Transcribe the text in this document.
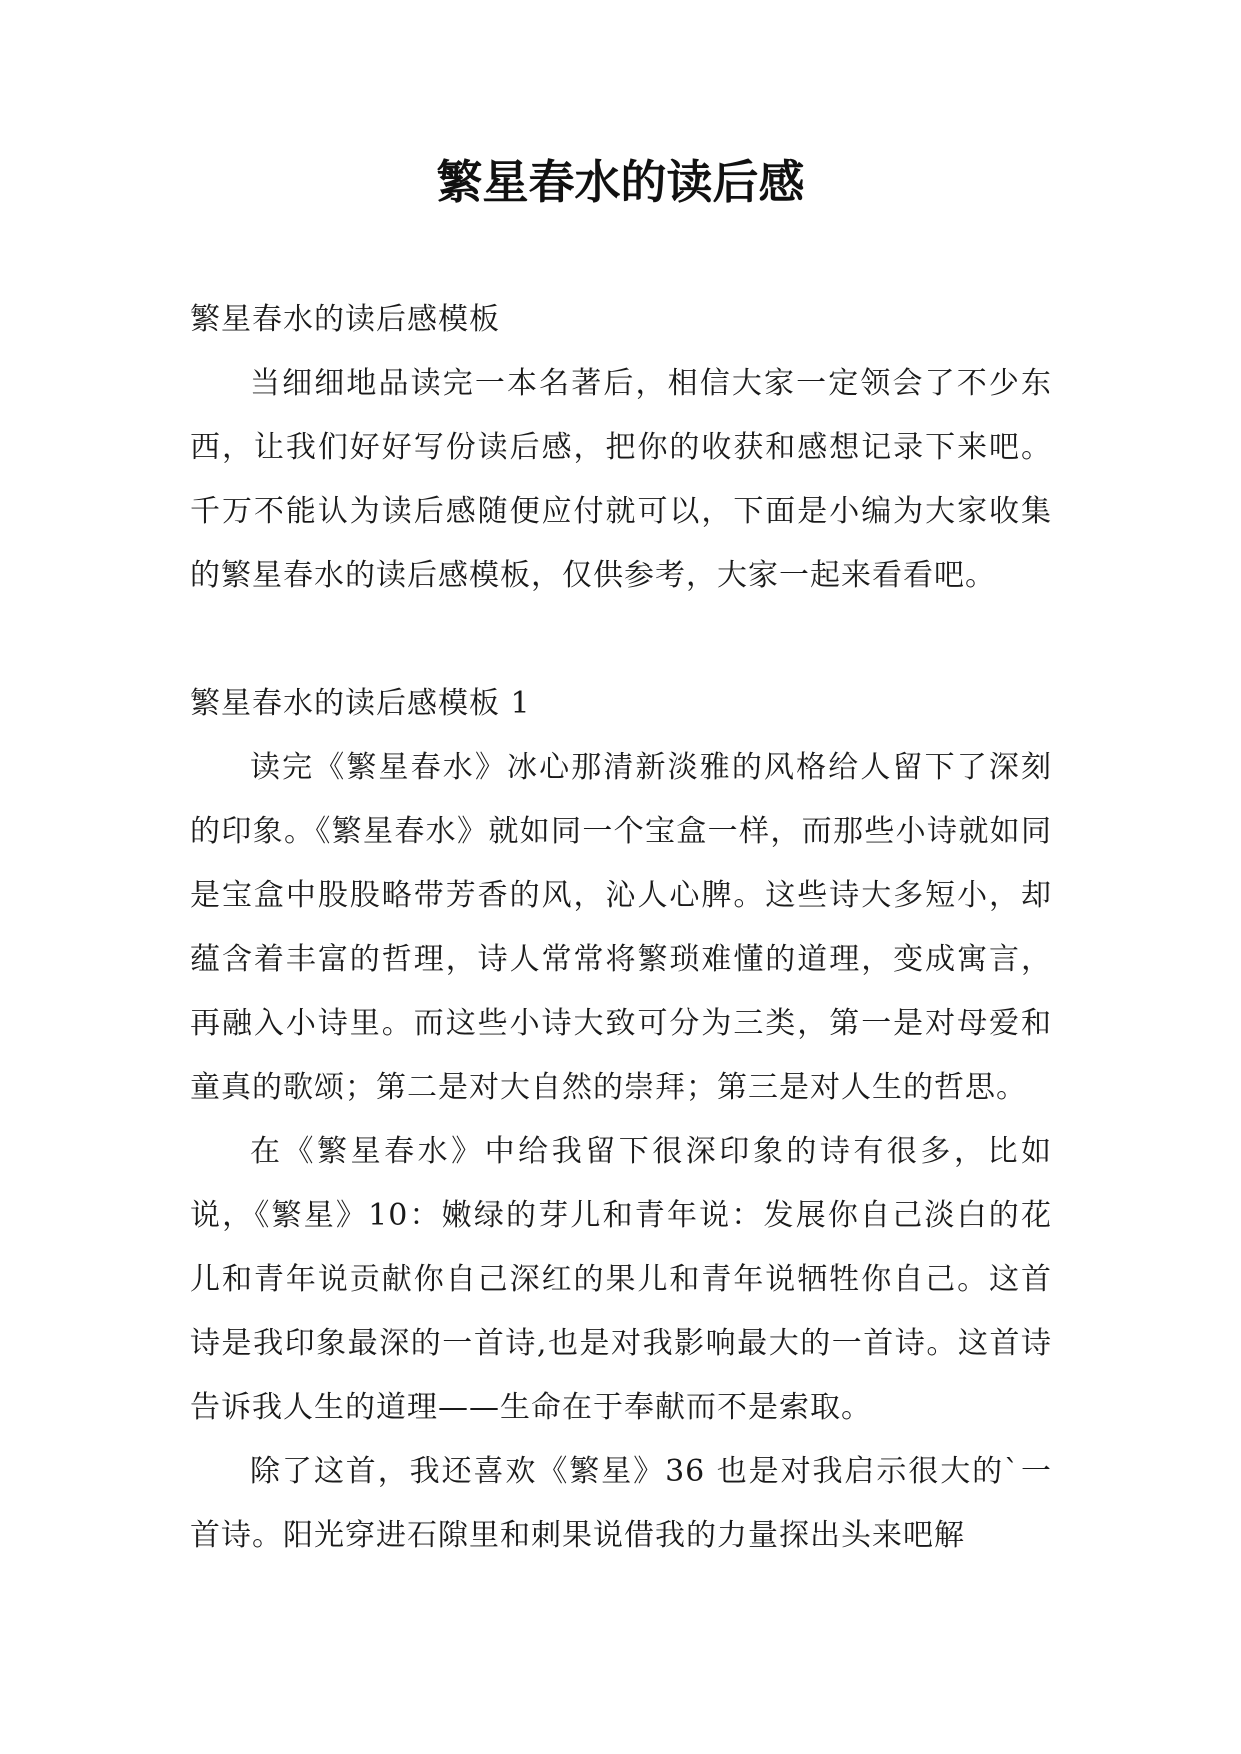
繁星春水的读后感

繁星春水的读后感模板

当细细地品读完一本名著后，相信大家一定领会了不少东西，让我们好好写份读后感，把你的收获和感想记录下来吧。千万不能认为读后感随便应付就可以，下面是小编为大家收集的繁星春水的读后感模板，仅供参考，大家一起来看看吧。

繁星春水的读后感模板 1

读完《繁星春水》冰心那清新淡雅的风格给人留下了深刻的印象。《繁星春水》就如同一个宝盒一样，而那些小诗就如同是宝盒中股股略带芳香的风，沁人心脾。这些诗大多短小，却蕴含着丰富的哲理，诗人常常将繁琐难懂的道理，变成寓言，再融入小诗里。而这些小诗大致可分为三类，第一是对母爱和童真的歌颂；第二是对大自然的崇拜；第三是对人生的哲思。

在《繁星春水》中给我留下很深印象的诗有很多，比如说，《繁星》10：嫩绿的芽儿和青年说：发展你自己淡白的花儿和青年说贡献你自己深红的果儿和青年说牺牲你自己。这首诗是我印象最深的一首诗,也是对我影响最大的一首诗。这首诗告诉我人生的道理——生命在于奉献而不是索取。

除了这首，我还喜欢《繁星》36 也是对我启示很大的`一首诗。阳光穿进石隙里和刺果说借我的力量探出头来吧解
